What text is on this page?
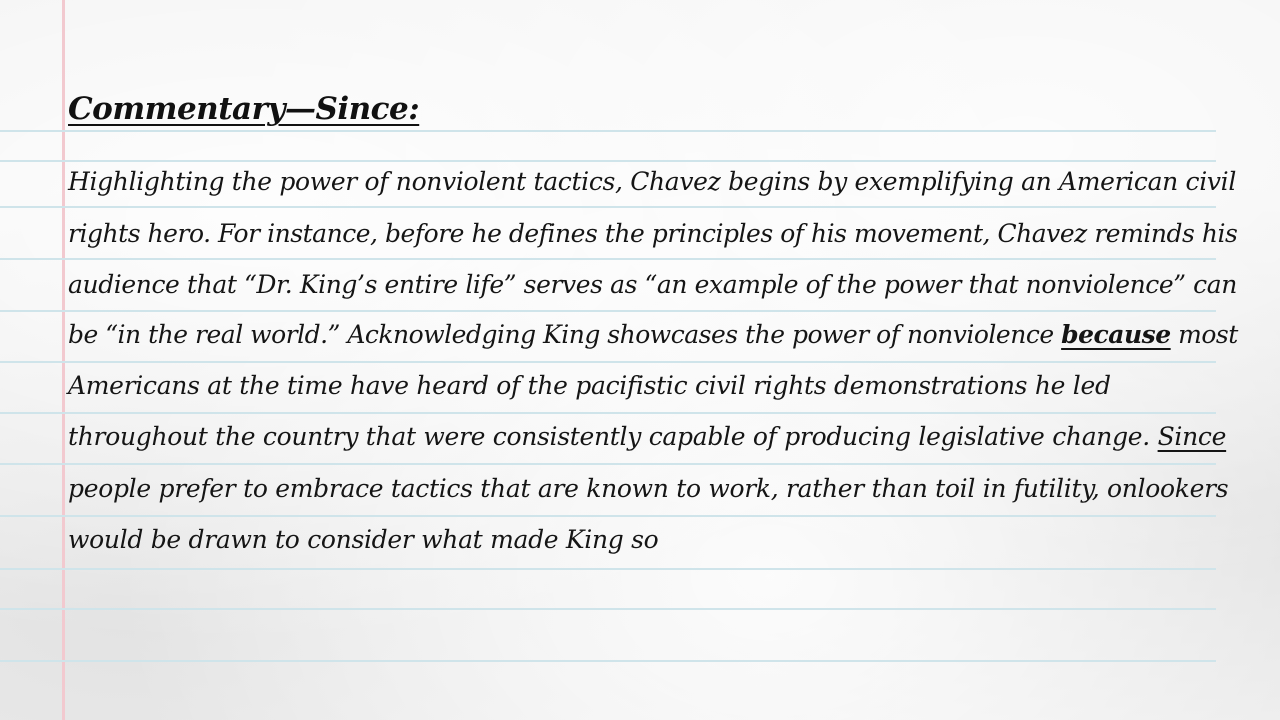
Commentary—Since:
Highlighting the power of nonviolent tactics, Chavez begins by exemplifying an American civil
rights hero. For instance, before he defines the principles of his movement, Chavez reminds his
audience that “Dr. King’s entire life” serves as “an example of the power that nonviolence” can
be “in the real world.” Acknowledging King showcases the power of nonviolence because most
Americans at the time have heard of the pacifistic civil rights demonstrations he led
throughout the country that were consistently capable of producing legislative change. Since
people prefer to embrace tactics that are known to work, rather than toil in futility, onlookers
would be drawn to consider what made King so
